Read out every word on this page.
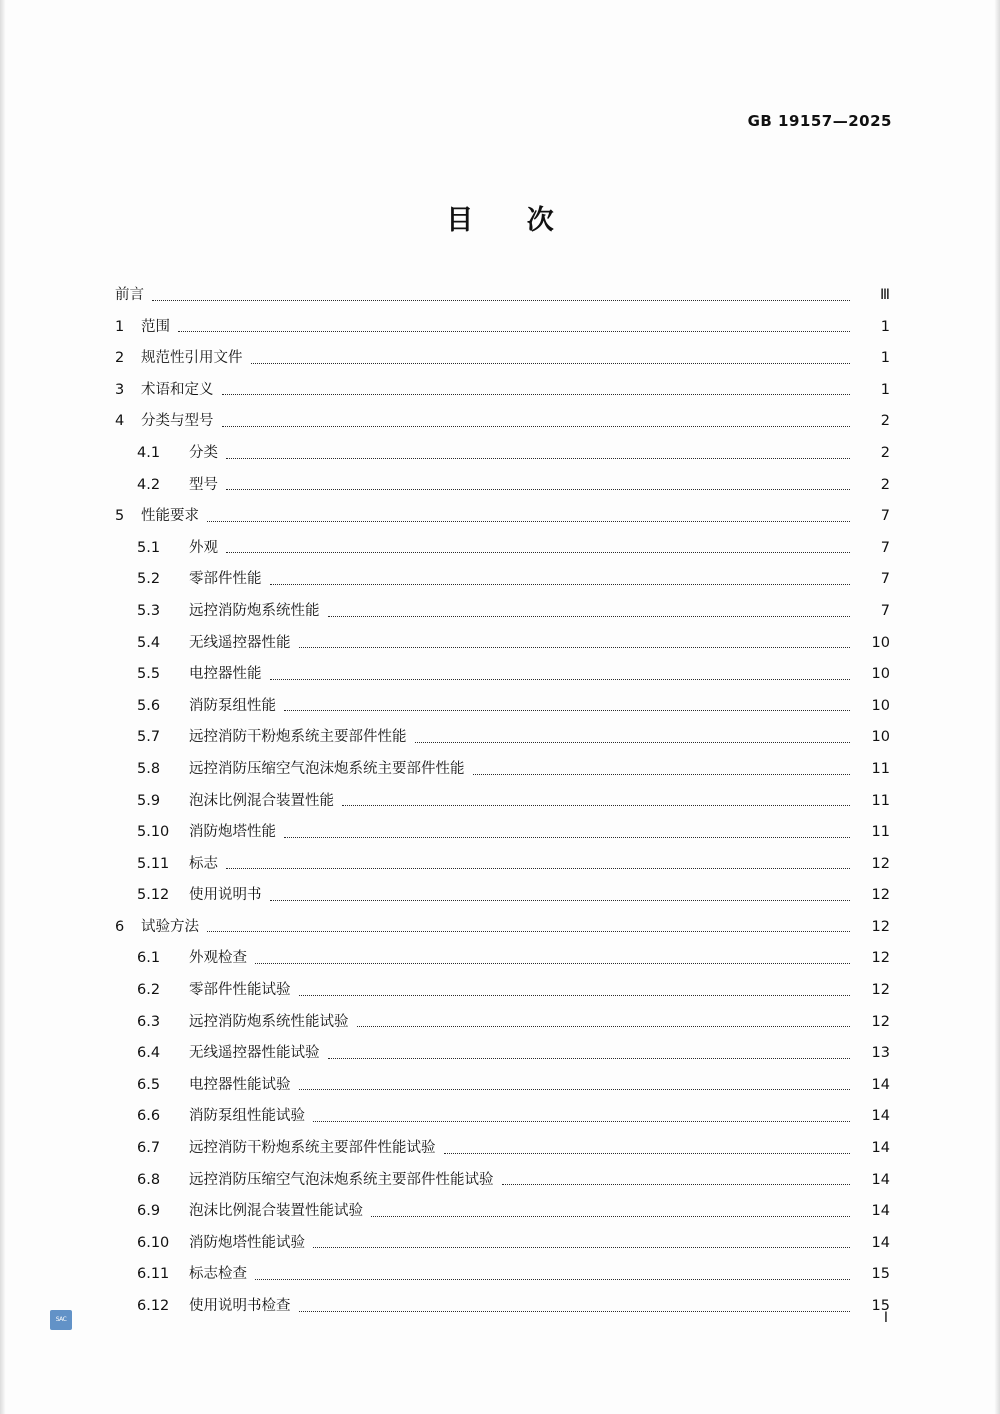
GB 19157—2025
目 次
前言	Ⅲ
1	范围	1
2	规范性引用文件	1
3	术语和定义	1
4	分类与型号	2
4.1	分类	2
4.2	型号	2
5	性能要求	7
5.1	外观	7
5.2	零部件性能	7
5.3	远控消防炮系统性能	7
5.4	无线遥控器性能	10
5.5	电控器性能	10
5.6	消防泵组性能	10
5.7	远控消防干粉炮系统主要部件性能	10
5.8	远控消防压缩空气泡沫炮系统主要部件性能	11
5.9	泡沫比例混合装置性能	11
5.10	消防炮塔性能	11
5.11	标志	12
5.12	使用说明书	12
6	试验方法	12
6.1	外观检查	12
6.2	零部件性能试验	12
6.3	远控消防炮系统性能试验	12
6.4	无线遥控器性能试验	13
6.5	电控器性能试验	14
6.6	消防泵组性能试验	14
6.7	远控消防干粉炮系统主要部件性能试验	14
6.8	远控消防压缩空气泡沫炮系统主要部件性能试验	14
6.9	泡沫比例混合装置性能试验	14
6.10	消防炮塔性能试验	14
6.11	标志检查	15
6.12	使用说明书检查	15
I
SAC
